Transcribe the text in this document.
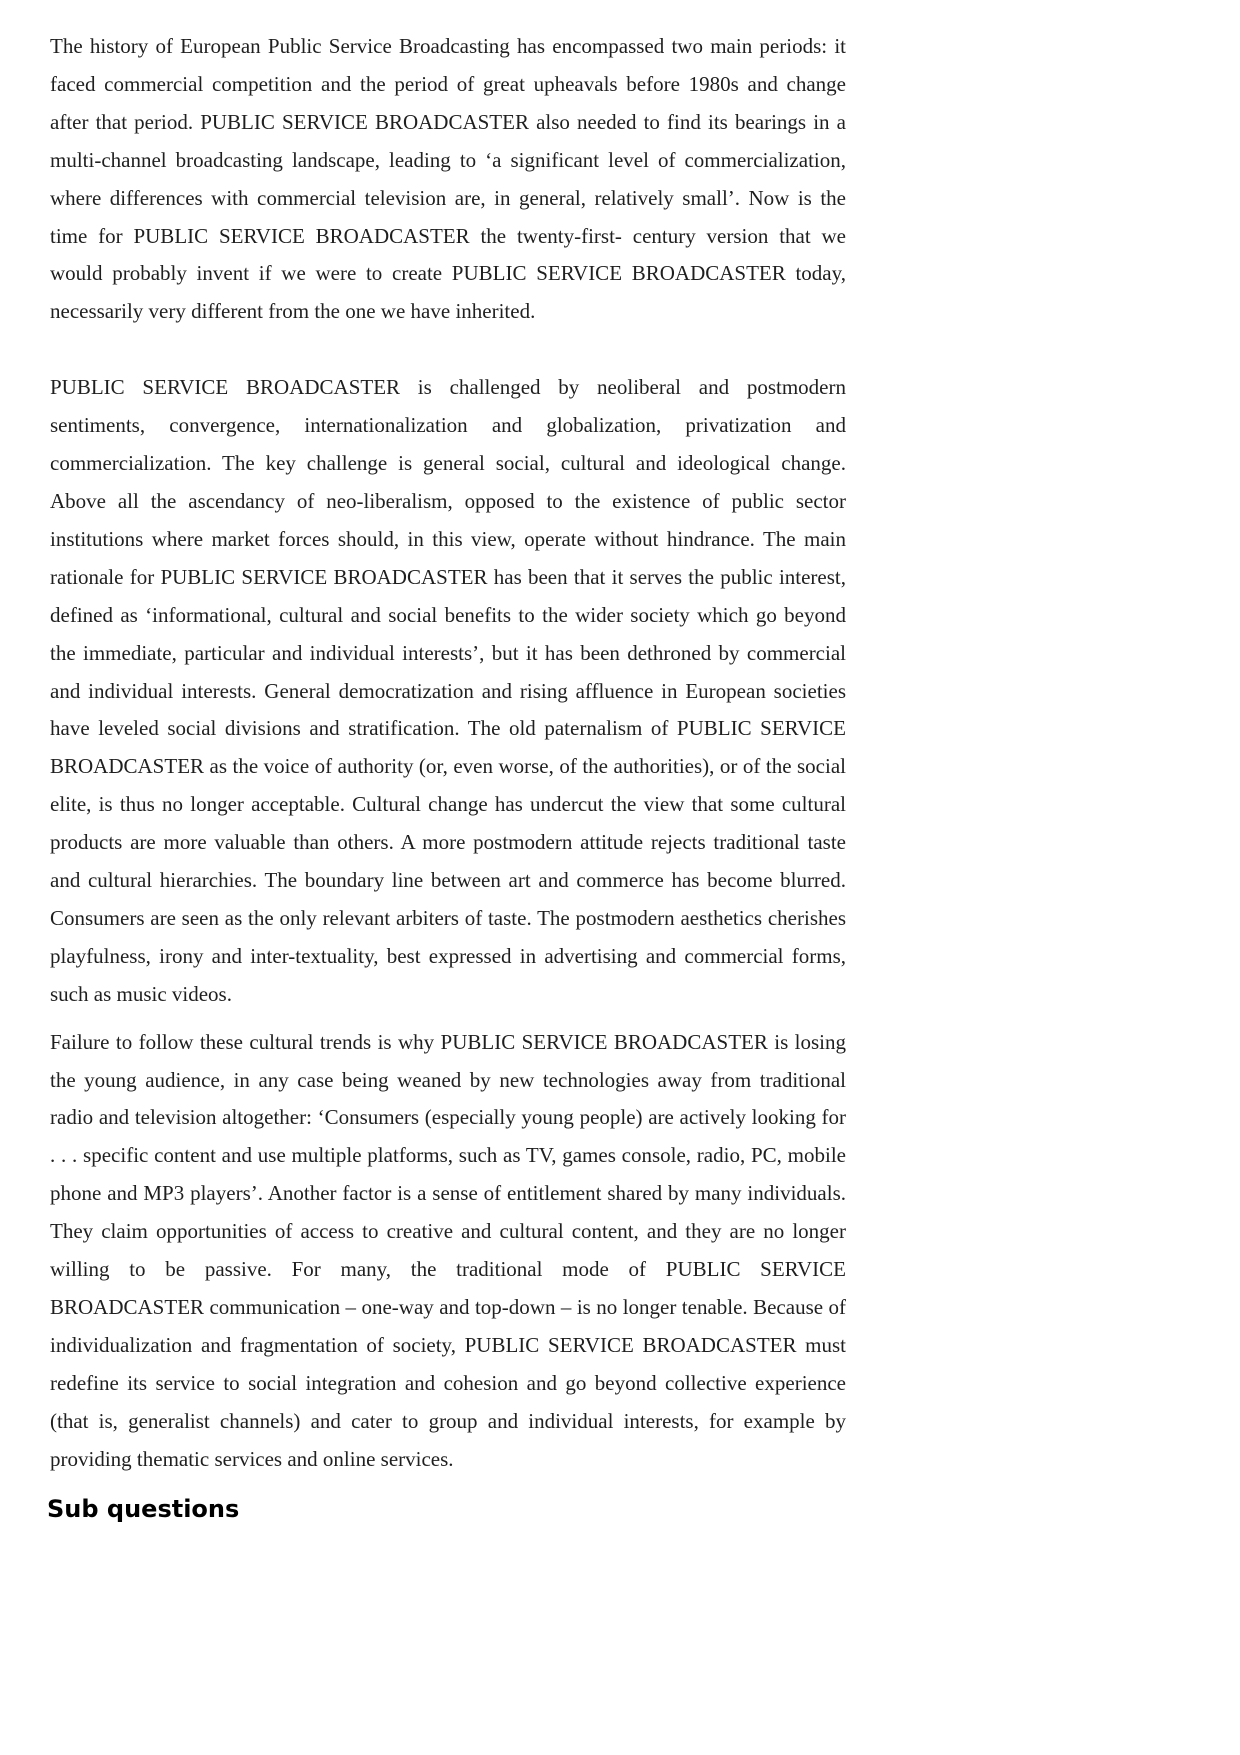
The history of European Public Service Broadcasting has encompassed two main periods: it faced commercial competition and the period of great upheavals before 1980s and change after that period. PUBLIC SERVICE BROADCASTER also needed to find its bearings in a multi-channel broadcasting landscape, leading to ‘a significant level of commercialization, where differences with commercial television are, in general, relatively small’. Now is the time for PUBLIC SERVICE BROADCASTER the twenty-first- century version that we would probably invent if we were to create PUBLIC SERVICE BROADCASTER today, necessarily very different from the one we have inherited.

PUBLIC SERVICE BROADCASTER is challenged by neoliberal and postmodern sentiments, convergence, internationalization and globalization, privatization and commercialization. The key challenge is general social, cultural and ideological change. Above all the ascendancy of neo-liberalism, opposed to the existence of public sector institutions where market forces should, in this view, operate without hindrance. The main rationale for PUBLIC SERVICE BROADCASTER has been that it serves the public interest, defined as ‘informational, cultural and social benefits to the wider society which go beyond the immediate, particular and individual interests’, but it has been dethroned by commercial and individual interests. General democratization and rising affluence in European societies have leveled social divisions and stratification. The old paternalism of PUBLIC SERVICE BROADCASTER as the voice of authority (or, even worse, of the authorities), or of the social elite, is thus no longer acceptable. Cultural change has undercut the view that some cultural products are more valuable than others. A more postmodern attitude rejects traditional taste and cultural hierarchies. The boundary line between art and commerce has become blurred. Consumers are seen as the only relevant arbiters of taste. The postmodern aesthetics cherishes playfulness, irony and inter-textuality, best expressed in advertising and commercial forms, such as music videos.

Failure to follow these cultural trends is why PUBLIC SERVICE BROADCASTER is losing the young audience, in any case being weaned by new technologies away from traditional radio and television altogether: ‘Consumers (especially young people) are actively looking for . . . specific content and use multiple platforms, such as TV, games console, radio, PC, mobile phone and MP3 players’. Another factor is a sense of entitlement shared by many individuals. They claim opportunities of access to creative and cultural content, and they are no longer willing to be passive. For many, the traditional mode of PUBLIC SERVICE BROADCASTER communication – one-way and top-down – is no longer tenable. Because of individualization and fragmentation of society, PUBLIC SERVICE BROADCASTER must redefine its service to social integration and cohesion and go beyond collective experience (that is, generalist channels) and cater to group and individual interests, for example by providing thematic services and online services.

Sub questions
